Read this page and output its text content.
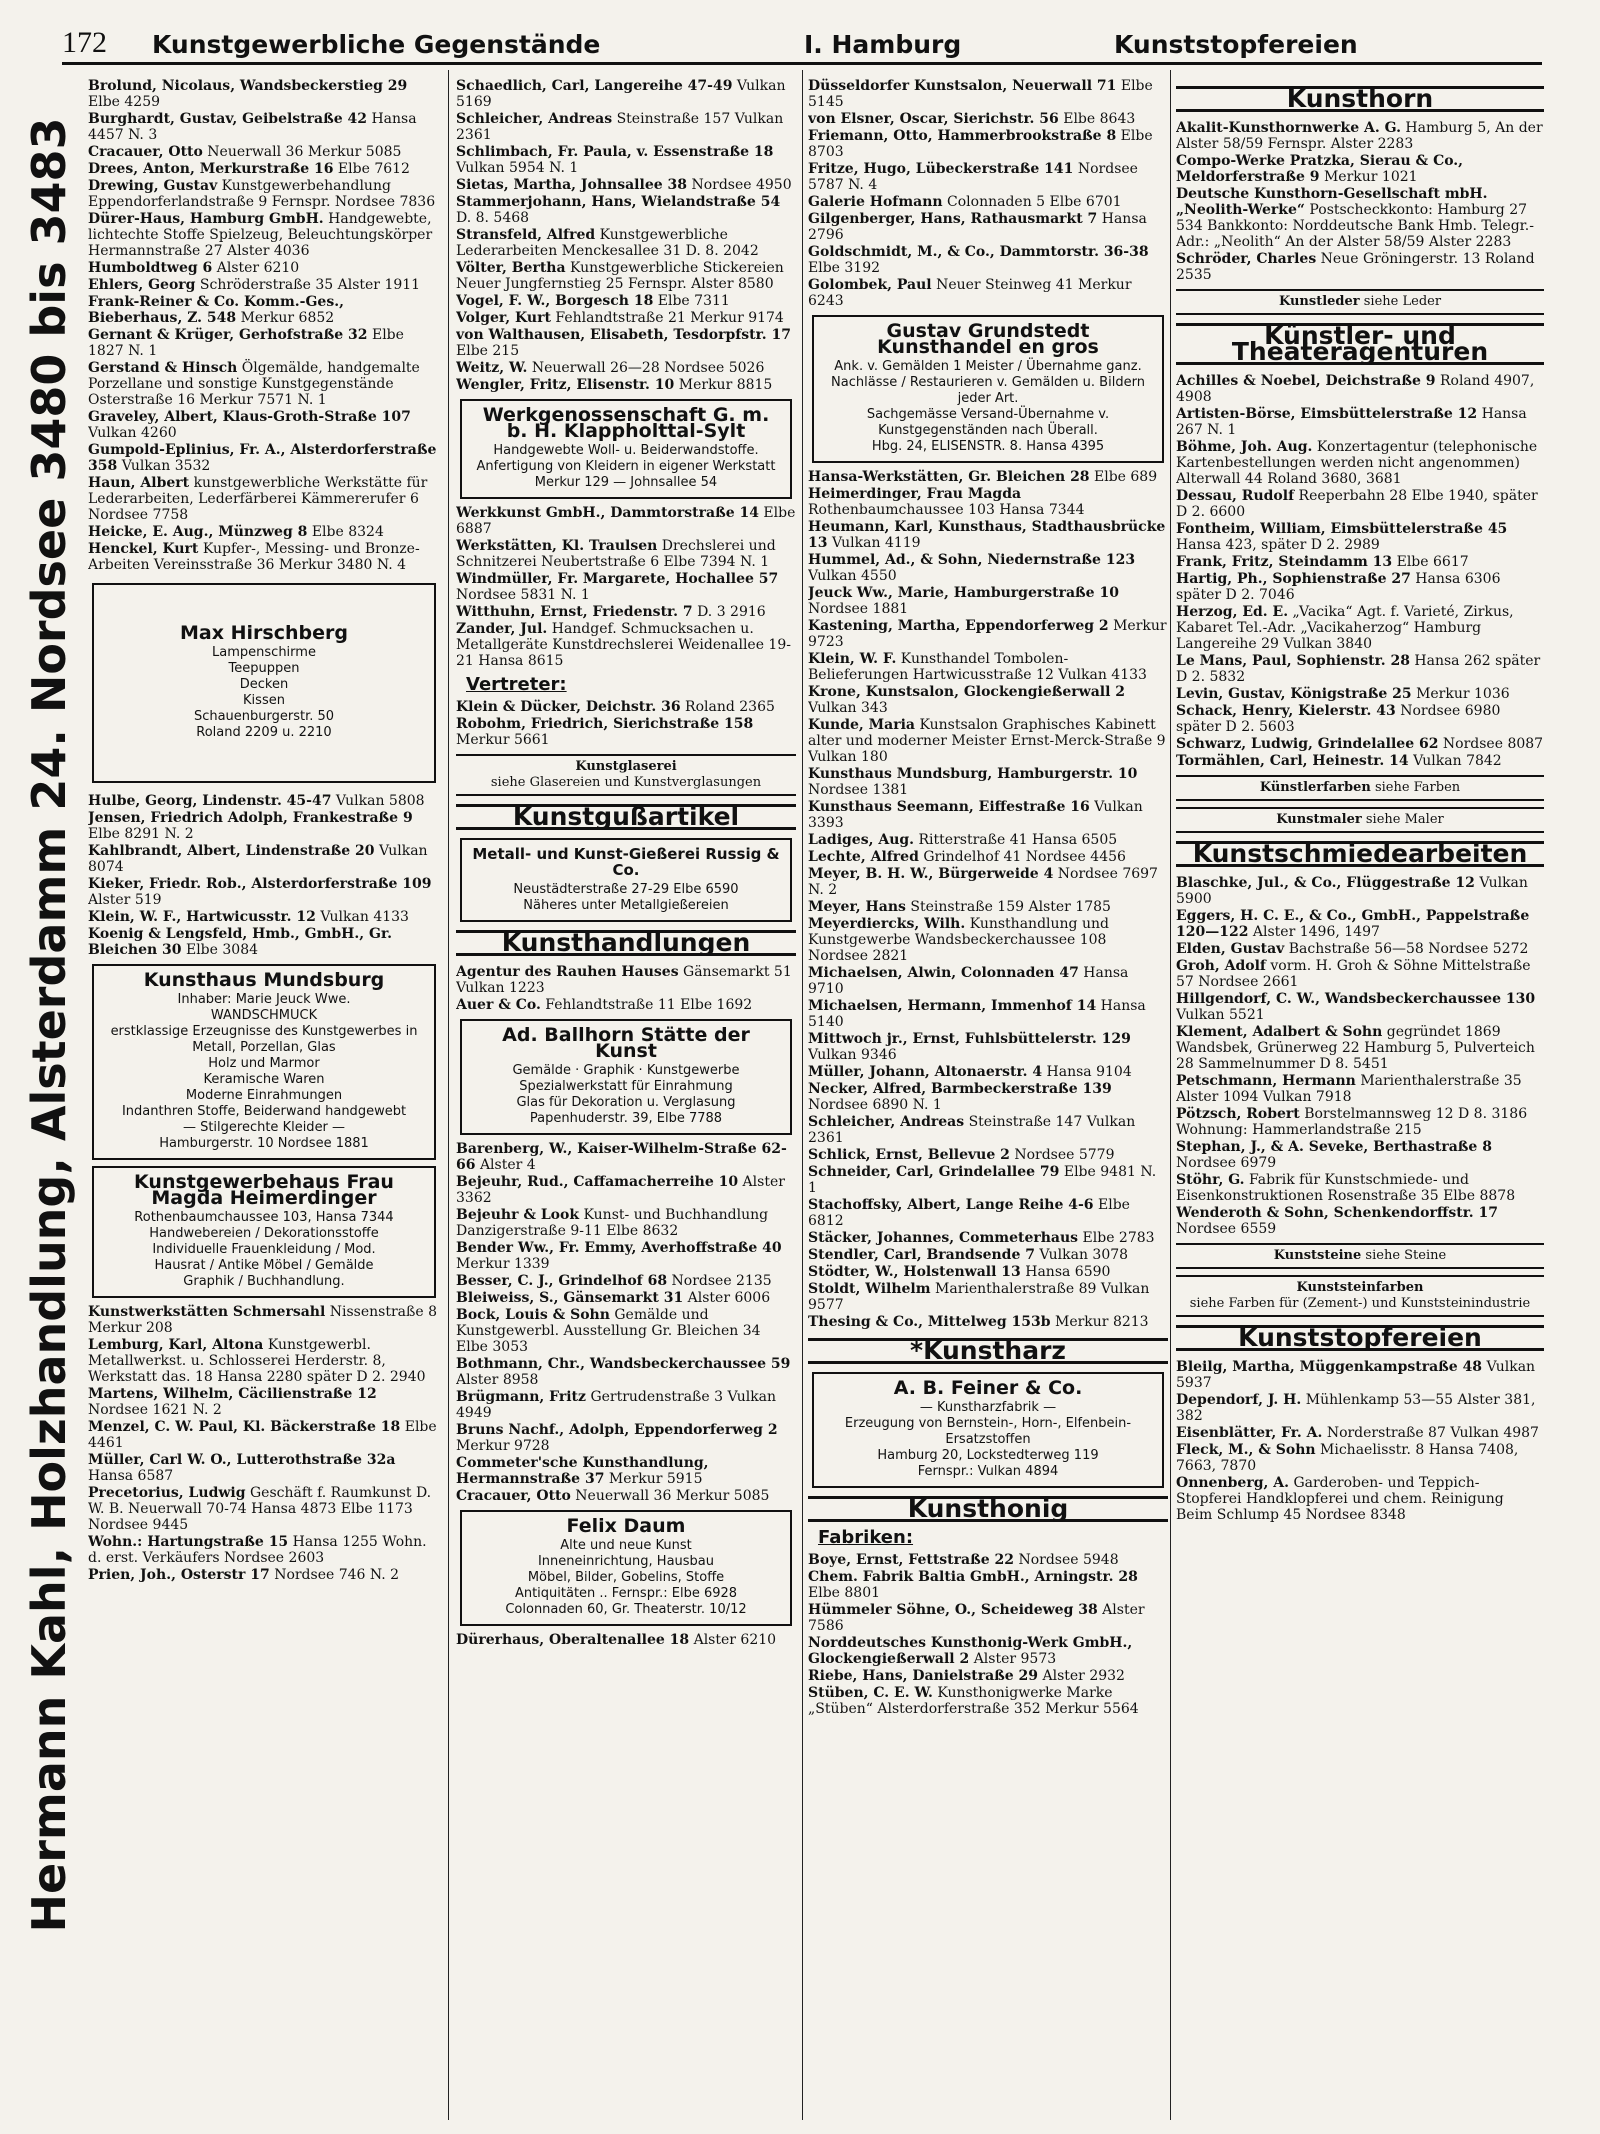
172 Kunstgewerbliche Gegenstände	I. Hamburg	Kunststopfereien
Hermann Kahl, Holzhandlung, Alsterdamm 24. Nordsee 3480 bis 3483
Brolund, Nicolaus, Wandsbeckerstieg 29 Elbe 4259
Burghardt, Gustav, Geibelstraße 42 Hansa 4457 N. 3
Cracauer, Otto Neuerwall 36 Merkur 5085
Drees, Anton, Merkurstraße 16 Elbe 7612
Drewing, Gustav Kunstgewerbehandlung Eppendorferlandstraße 9 Fernspr. Nordsee 7836
Dürer-Haus, Hamburg GmbH. Handgewebte, lichtechte Stoffe Spielzeug, Beleuchtungskörper Hermannstraße 27 Alster 4036
Humboldtweg 6 Alster 6210
Ehlers, Georg Schröderstraße 35 Alster 1911
Frank-Reiner & Co. Komm.-Ges., Bieberhaus, Z. 548 Merkur 6852
Gernant & Krüger, Gerhofstraße 32 Elbe 1827 N. 1
Gerstand & Hinsch Ölgemälde, handgemalte Porzellane und sonstige Kunstgegenstände Osterstraße 16 Merkur 7571 N. 1
Graveley, Albert, Klaus-Groth-Straße 107 Vulkan 4260
Gumpold-Eplinius, Fr. A., Alsterdorferstraße 358 Vulkan 3532
Haun, Albert kunstgewerbliche Werkstätte für Lederarbeiten, Lederfärberei Kämmererufer 6 Nordsee 7758
Heicke, E. Aug., Münzweg 8 Elbe 8324
Henckel, Kurt Kupfer-, Messing- und Bronze-Arbeiten Vereinsstraße 36 Merkur 3480 N. 4
Max Hirschberg
Lampenschirme
Teepuppen
Decken
Kissen
Schauenburgerstr. 50
Roland 2209 u. 2210
Hulbe, Georg, Lindenstr. 45-47 Vulkan 5808
Jensen, Friedrich Adolph, Frankestraße 9 Elbe 8291 N. 2
Kahlbrandt, Albert, Lindenstraße 20 Vulkan 8074
Kieker, Friedr. Rob., Alsterdorferstraße 109 Alster 519
Klein, W. F., Hartwicusstr. 12 Vulkan 4133
Koenig & Lengsfeld, Hmb., GmbH., Gr. Bleichen 30 Elbe 3084
Kunsthaus Mundsburg
Inhaber: Marie Jeuck Wwe.
WANDSCHMUCK
erstklassige Erzeugnisse des Kunstgewerbes in Metall, Porzellan, Glas
Holz und Marmor
Keramische Waren
Moderne Einrahmungen
Indanthren Stoffe, Beiderwand handgewebt
— Stilgerechte Kleider —
Hamburgerstr. 10 Nordsee 1881
Kunstgewerbehaus Frau Magda Heimerdinger
Rothenbaumchaussee 103, Hansa 7344
Handwebereien / Dekorationsstoffe
Individuelle Frauenkleidung / Mod.
Hausrat / Antike Möbel / Gemälde
Graphik / Buchhandlung.
Kunstwerkstätten Schmersahl Nissenstraße 8 Merkur 208
Lemburg, Karl, Altona Kunstgewerbl. Metallwerkst. u. Schlosserei Herderstr. 8, Werkstatt das. 18 Hansa 2280 später D 2. 2940
Martens, Wilhelm, Cäcilienstraße 12 Nordsee 1621 N. 2
Menzel, C. W. Paul, Kl. Bäckerstraße 18 Elbe 4461
Müller, Carl W. O., Lutterothstraße 32a Hansa 6587
Precetorius, Ludwig Geschäft f. Raumkunst D. W. B. Neuerwall 70-74 Hansa 4873 Elbe 1173 Nordsee 9445
Wohn.: Hartungstraße 15 Hansa 1255 Wohn. d. erst. Verkäufers Nordsee 2603
Prien, Joh., Osterstr 17 Nordsee 746 N. 2
Schaedlich, Carl, Langereihe 47-49 Vulkan 5169
Schleicher, Andreas Steinstraße 157 Vulkan 2361
Schlimbach, Fr. Paula, v. Essenstraße 18 Vulkan 5954 N. 1
Sietas, Martha, Johnsallee 38 Nordsee 4950
Stammerjohann, Hans, Wielandstraße 54 D. 8. 5468
Stransfeld, Alfred Kunstgewerbliche Lederarbeiten Menckesallee 31 D. 8. 2042
Völter, Bertha Kunstgewerbliche Stickereien Neuer Jungfernstieg 25 Fernspr. Alster 8580
Vogel, F. W., Borgesch 18 Elbe 7311
Volger, Kurt Fehlandtstraße 21 Merkur 9174
von Walthausen, Elisabeth, Tesdorpfstr. 17 Elbe 215
Weitz, W. Neuerwall 26—28 Nordsee 5026
Wengler, Fritz, Elisenstr. 10 Merkur 8815
Werkgenossenschaft G. m. b. H. Klappholttal-Sylt
Handgewebte Woll- u. Beiderwandstoffe. Anfertigung von Kleidern in eigener Werkstatt
Merkur 129 — Johnsallee 54
Werkkunst GmbH., Dammtorstraße 14 Elbe 6887
Werkstätten, Kl. Traulsen Drechslerei und Schnitzerei Neubertstraße 6 Elbe 7394 N. 1
Windmüller, Fr. Margarete, Hochallee 57 Nordsee 5831 N. 1
Witthuhn, Ernst, Friedenstr. 7 D. 3 2916
Zander, Jul. Handgef. Schmucksachen u. Metallgeräte Kunstdrechslerei Weidenallee 19-21 Hansa 8615
Vertreter:
Klein & Dücker, Deichstr. 36 Roland 2365
Robohm, Friedrich, Sierichstraße 158 Merkur 5661
Kunstglaserei
siehe Glasereien und Kunstverglasungen
Kunstgußartikel
Metall- und Kunst-Gießerei Russig & Co.
Neustädterstraße 27-29 Elbe 6590
Näheres unter Metallgießereien
Kunsthandlungen
Agentur des Rauhen Hauses Gänsemarkt 51 Vulkan 1223
Auer & Co. Fehlandtstraße 11 Elbe 1692
Ad. Ballhorn Stätte der Kunst
Gemälde · Graphik · Kunstgewerbe
Spezialwerkstatt für Einrahmung
Glas für Dekoration u. Verglasung
Papenhuderstr. 39, Elbe 7788
Barenberg, W., Kaiser-Wilhelm-Straße 62-66 Alster 4
Bejeuhr, Rud., Caffamacherreihe 10 Alster 3362
Bejeuhr & Look Kunst- und Buchhandlung Danzigerstraße 9-11 Elbe 8632
Bender Ww., Fr. Emmy, Averhoffstraße 40 Merkur 1339
Besser, C. J., Grindelhof 68 Nordsee 2135
Bleiweiss, S., Gänsemarkt 31 Alster 6006
Bock, Louis & Sohn Gemälde und Kunstgewerbl. Ausstellung Gr. Bleichen 34 Elbe 3053
Bothmann, Chr., Wandsbeckerchaussee 59 Alster 8958
Brügmann, Fritz Gertrudenstraße 3 Vulkan 4949
Bruns Nachf., Adolph, Eppendorferweg 2 Merkur 9728
Commeter'sche Kunsthandlung, Hermannstraße 37 Merkur 5915
Cracauer, Otto Neuerwall 36 Merkur 5085
Felix Daum
Alte und neue Kunst
Inneneinrichtung, Hausbau
Möbel, Bilder, Gobelins, Stoffe
Antiquitäten .. Fernspr.: Elbe 6928
Colonnaden 60, Gr. Theaterstr. 10/12
Dürerhaus, Oberaltenallee 18 Alster 6210
Düsseldorfer Kunstsalon, Neuerwall 71 Elbe 5145
von Elsner, Oscar, Sierichstr. 56 Elbe 8643
Friemann, Otto, Hammerbrookstraße 8 Elbe 8703
Fritze, Hugo, Lübeckerstraße 141 Nordsee 5787 N. 4
Galerie Hofmann Colonnaden 5 Elbe 6701
Gilgenberger, Hans, Rathausmarkt 7 Hansa 2796
Goldschmidt, M., & Co., Dammtorstr. 36-38 Elbe 3192
Golombek, Paul Neuer Steinweg 41 Merkur 6243
Gustav Grundstedt Kunsthandel en gros
Ank. v. Gemälden 1 Meister / Übernahme ganz. Nachlässe / Restaurieren v. Gemälden u. Bildern jeder Art.
Sachgemässe Versand-Übernahme v. Kunstgegenständen nach Überall.
Hbg. 24, ELISENSTR. 8. Hansa 4395
Hansa-Werkstätten, Gr. Bleichen 28 Elbe 689
Heimerdinger, Frau Magda Rothenbaumchaussee 103 Hansa 7344
Heumann, Karl, Kunsthaus, Stadthausbrücke 13 Vulkan 4119
Hummel, Ad., & Sohn, Niedernstraße 123 Vulkan 4550
Jeuck Ww., Marie, Hamburgerstraße 10 Nordsee 1881
Kastening, Martha, Eppendorferweg 2 Merkur 9723
Klein, W. F. Kunsthandel Tombolen-Belieferungen Hartwicusstraße 12 Vulkan 4133
Krone, Kunstsalon, Glockengießerwall 2 Vulkan 343
Kunde, Maria Kunstsalon Graphisches Kabinett alter und moderner Meister Ernst-Merck-Straße 9 Vulkan 180
Kunsthaus Mundsburg, Hamburgerstr. 10 Nordsee 1381
Kunsthaus Seemann, Eiffestraße 16 Vulkan 3393
Ladiges, Aug. Ritterstraße 41 Hansa 6505
Lechte, Alfred Grindelhof 41 Nordsee 4456
Meyer, B. H. W., Bürgerweide 4 Nordsee 7697 N. 2
Meyer, Hans Steinstraße 159 Alster 1785
Meyerdiercks, Wilh. Kunsthandlung und Kunstgewerbe Wandsbeckerchaussee 108 Nordsee 2821
Michaelsen, Alwin, Colonnaden 47 Hansa 9710
Michaelsen, Hermann, Immenhof 14 Hansa 5140
Mittwoch jr., Ernst, Fuhlsbüttelerstr. 129 Vulkan 9346
Müller, Johann, Altonaerstr. 4 Hansa 9104
Necker, Alfred, Barmbeckerstraße 139 Nordsee 6890 N. 1
Schleicher, Andreas Steinstraße 147 Vulkan 2361
Schlick, Ernst, Bellevue 2 Nordsee 5779
Schneider, Carl, Grindelallee 79 Elbe 9481 N. 1
Stachoffsky, Albert, Lange Reihe 4-6 Elbe 6812
Stäcker, Johannes, Commeterhaus Elbe 2783
Stendler, Carl, Brandsende 7 Vulkan 3078
Stödter, W., Holstenwall 13 Hansa 6590
Stoldt, Wilhelm Marienthalerstraße 89 Vulkan 9577
Thesing & Co., Mittelweg 153b Merkur 8213
*Kunstharz
A. B. Feiner & Co.
— Kunstharzfabrik —
Erzeugung von Bernstein-, Horn-, Elfenbein-Ersatzstoffen
Hamburg 20, Lockstedterweg 119
Fernspr.: Vulkan 4894
Kunsthonig
Fabriken:
Boye, Ernst, Fettstraße 22 Nordsee 5948
Chem. Fabrik Baltia GmbH., Arningstr. 28 Elbe 8801
Hümmeler Söhne, O., Scheideweg 38 Alster 7586
Norddeutsches Kunsthonig-Werk GmbH., Glockengießerwall 2 Alster 9573
Riebe, Hans, Danielstraße 29 Alster 2932
Stüben, C. E. W. Kunsthonigwerke Marke „Stüben“ Alsterdorferstraße 352 Merkur 5564
Kunsthorn
Akalit-Kunsthornwerke A. G. Hamburg 5, An der Alster 58/59 Fernspr. Alster 2283
Compo-Werke Pratzka, Sierau & Co., Meldorferstraße 9 Merkur 1021
Deutsche Kunsthorn-Gesellschaft mbH. „Neolith-Werke“ Postscheckkonto: Hamburg 27 534 Bankkonto: Norddeutsche Bank Hmb. Telegr.-Adr.: „Neolith“ An der Alster 58/59 Alster 2283
Schröder, Charles Neue Gröningerstr. 13 Roland 2535
Kunstleder siehe Leder
Künstler- und Theateragenturen
Achilles & Noebel, Deichstraße 9 Roland 4907, 4908
Artisten-Börse, Eimsbüttelerstraße 12 Hansa 267 N. 1
Böhme, Joh. Aug. Konzertagentur (telephonische Kartenbestellungen werden nicht angenommen) Alterwall 44 Roland 3680, 3681
Dessau, Rudolf Reeperbahn 28 Elbe 1940, später D 2. 6600
Fontheim, William, Eimsbüttelerstraße 45 Hansa 423, später D 2. 2989
Frank, Fritz, Steindamm 13 Elbe 6617
Hartig, Ph., Sophienstraße 27 Hansa 6306 später D 2. 7046
Herzog, Ed. E. „Vacika“ Agt. f. Varieté, Zirkus, Kabaret Tel.-Adr. „Vacikaherzog“ Hamburg Langereihe 29 Vulkan 3840
Le Mans, Paul, Sophienstr. 28 Hansa 262 später D 2. 5832
Levin, Gustav, Königstraße 25 Merkur 1036
Schack, Henry, Kielerstr. 43 Nordsee 6980 später D 2. 5603
Schwarz, Ludwig, Grindelallee 62 Nordsee 8087
Tormählen, Carl, Heinestr. 14 Vulkan 7842
Künstlerfarben siehe Farben
Kunstmaler siehe Maler
Kunstschmiedearbeiten
Blaschke, Jul., & Co., Flüggestraße 12 Vulkan 5900
Eggers, H. C. E., & Co., GmbH., Pappelstraße 120—122 Alster 1496, 1497
Elden, Gustav Bachstraße 56—58 Nordsee 5272
Groh, Adolf vorm. H. Groh & Söhne Mittelstraße 57 Nordsee 2661
Hillgendorf, C. W., Wandsbeckerchaussee 130 Vulkan 5521
Klement, Adalbert & Sohn gegründet 1869 Wandsbek, Grünerweg 22 Hamburg 5, Pulverteich 28 Sammelnummer D 8. 5451
Petschmann, Hermann Marienthalerstraße 35 Alster 1094 Vulkan 7918
Pötzsch, Robert Borstelmannsweg 12 D 8. 3186 Wohnung: Hammerlandstraße 215
Stephan, J., & A. Seveke, Berthastraße 8 Nordsee 6979
Stöhr, G. Fabrik für Kunstschmiede- und Eisenkonstruktionen Rosenstraße 35 Elbe 8878
Wenderoth & Sohn, Schenkendorffstr. 17 Nordsee 6559
Kunststeine siehe Steine
Kunststeinfarben
siehe Farben für (Zement-) und Kunststeinindustrie
Kunststopfereien
Bleilg, Martha, Müggenkampstraße 48 Vulkan 5937
Dependorf, J. H. Mühlenkamp 53—55 Alster 381, 382
Eisenblätter, Fr. A. Norderstraße 87 Vulkan 4987
Fleck, M., & Sohn Michaelisstr. 8 Hansa 7408, 7663, 7870
Onnenberg, A. Garderoben- und Teppich-Stopferei Handklopferei und chem. Reinigung Beim Schlump 45 Nordsee 8348
